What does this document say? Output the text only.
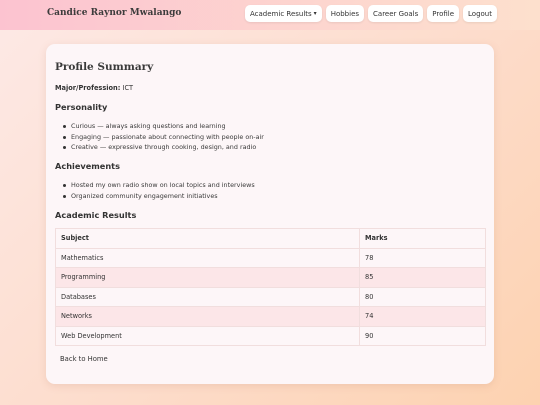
Candice Raynor Mwalango	Academic Results ▾	Hobbies	Career Goals	Profile	Logout
Profile Summary
Major/Profession: ICT
Personality
Curious — always asking questions and learning
Engaging — passionate about connecting with people on-air
Creative — expressive through cooking, design, and radio
Achievements
Hosted my own radio show on local topics and interviews
Organized community engagement initiatives
Academic Results
Subject	Marks
Mathematics	78
Programming	85
Databases	80
Networks	74
Web Development	90
Back to Home
